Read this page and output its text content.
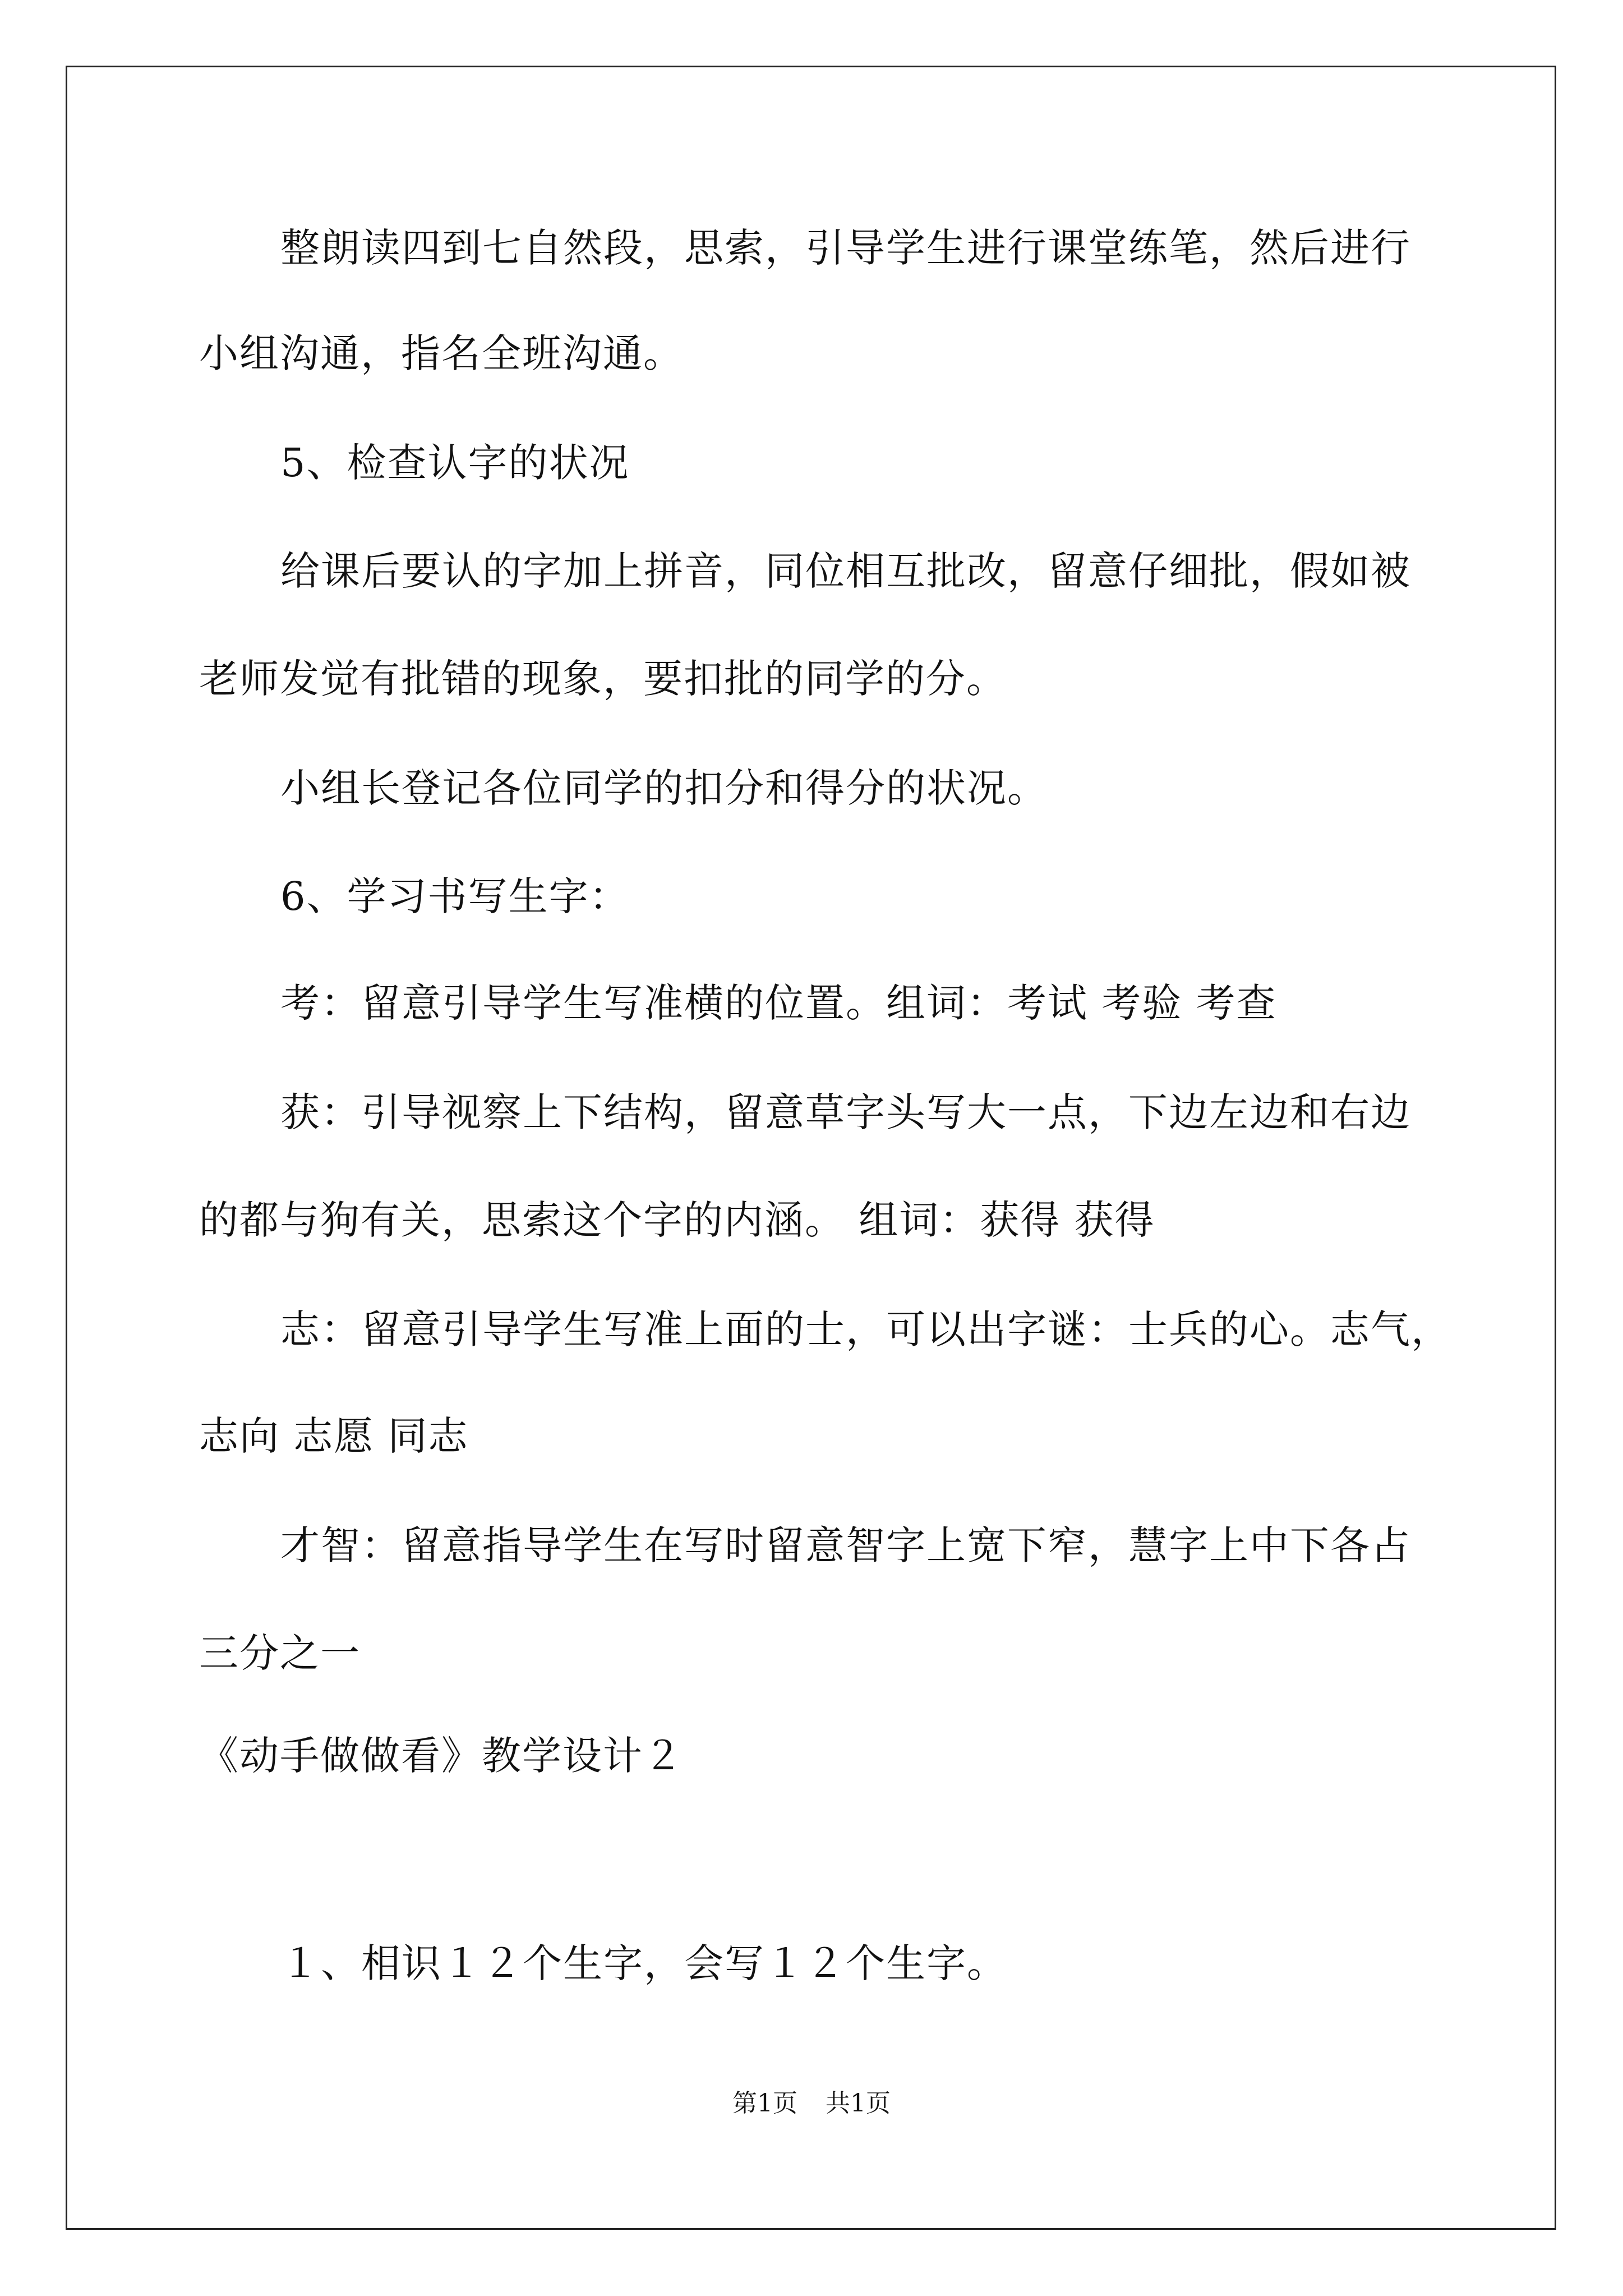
整朗读四到七自然段，思索，引导学生进行课堂练笔，然后进行
小组沟通，指名全班沟通。
5、检查认字的状况
给课后要认的字加上拼音，同位相互批改，留意仔细批，假如被
老师发觉有批错的现象，要扣批的同学的分。
小组长登记各位同学的扣分和得分的状况。
6、学习书写生字：
考：留意引导学生写准横的位置。组词：考试 考验 考查
获：引导视察上下结构，留意草字头写大一点，下边左边和右边
的都与狗有关，思索这个字的内涵。 组词：获得 获得
志：留意引导学生写准上面的士，可以出字谜：士兵的心。志气，
志向 志愿 同志
才智：留意指导学生在写时留意智字上宽下窄，慧字上中下各占
三分之一
《动手做做看》教学设计２
１、相识１２个生字，会写１２个生字。
第1页 共1页
